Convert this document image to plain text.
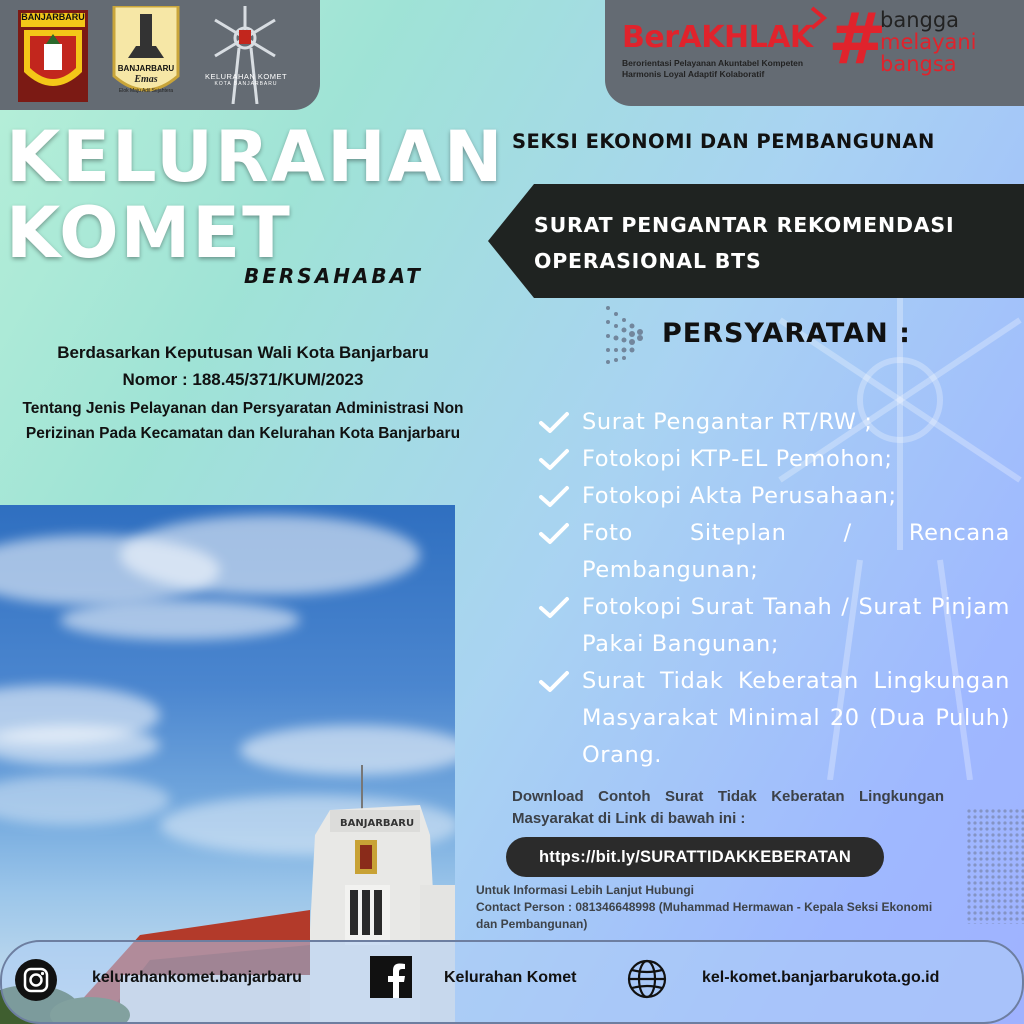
BANJARBARU
BANJARBARU
BANJARBARU
Emas
Elok Maju Adil Sejahtera
KELURAHAN KOMET
KOTA BANJARBARU
BerAKHLAK
Berorientasi Pelayanan Akuntabel Kompeten
Harmonis Loyal Adaptif Kolaboratif #
bangga
melayani
bangsa
KELURAHAN
KOMET
BERSAHABAT
Berdasarkan Keputusan Wali Kota Banjarbaru
Nomor : 188.45/371/KUM/2023
Tentang Jenis Pelayanan dan Persyaratan Administrasi Non Perizinan Pada Kecamatan dan Kelurahan Kota Banjarbaru
SEKSI EKONOMI DAN PEMBANGUNAN
SURAT PENGANTAR REKOMENDASI
OPERASIONAL BTS
PERSYARATAN :
Surat Pengantar RT/RW ;
Fotokopi KTP-EL Pemohon;
Fotokopi Akta Perusahaan;
Foto Siteplan / Rencana Pembangunan;
Fotokopi Surat Tanah / Surat Pinjam Pakai Bangunan;
Surat Tidak Keberatan Lingkungan Masyarakat Minimal 20 (Dua Puluh) Orang.
Download Contoh Surat Tidak Keberatan Lingkungan Masyarakat di Link di bawah ini :
https://bit.ly/SURATTIDAKKEBERATAN
Untuk Informasi Lebih Lanjut Hubungi
Contact Person : 081346648998 (Muhammad Hermawan - Kepala Seksi Ekonomi dan Pembangunan)
kelurahankomet.banjarbaru	Kelurahan Komet	kel-komet.banjarbarukota.go.id
